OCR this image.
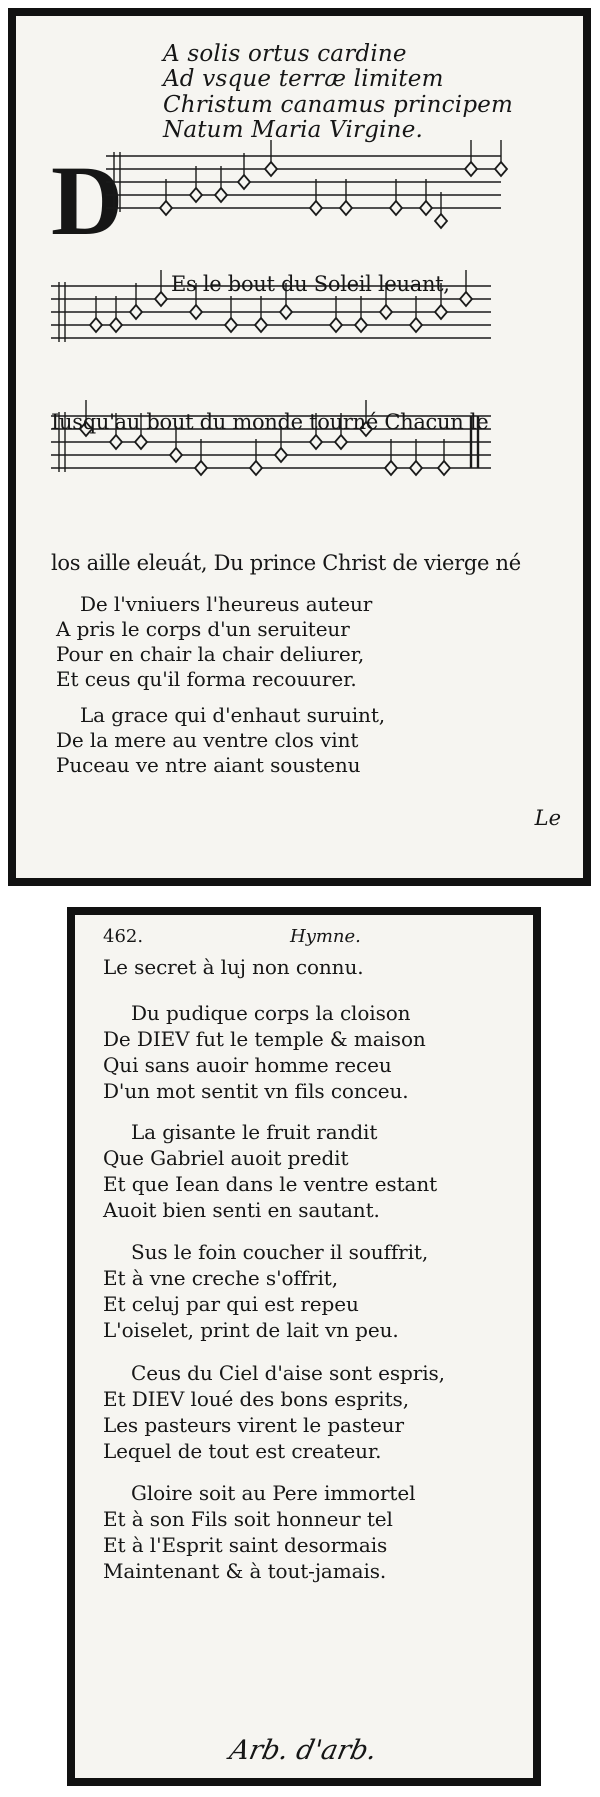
A solis ortus cardine
Ad vsque terræ limitem
Christum canamus principem
Natum Maria Virgine.
D
Es le bout du Soleil leuant,
Iusqu'au bout du monde tourné Chacun le
los aille eleuát, Du prince Christ de vierge né
De l'vniuers l'heureus auteur
A pris le corps d'un seruiteur
Pour en chair la chair deliurer,
Et ceus qu'il forma recouurer.
La grace qui d'enhaut suruint,
De la mere au ventre clos vint
Puceau ve ntre aiant soustenu
Le
462.	Hymne.
Le secret à luj non connu.
Du pudique corps la cloison
De DIEV fut le temple & maison
Qui sans auoir homme receu
D'un mot sentit vn fils conceu.
La gisante le fruit randit
Que Gabriel auoit predit
Et que Iean dans le ventre estant
Auoit bien senti en sautant.
Sus le foin coucher il souffrit,
Et à vne creche s'offrit,
Et celuj par qui est repeu
L'oiselet, print de lait vn peu.
Ceus du Ciel d'aise sont espris,
Et DIEV loué des bons esprits,
Les pasteurs virent le pasteur
Lequel de tout est createur.
Gloire soit au Pere immortel
Et à son Fils soit honneur tel
Et à l'Esprit saint desormais
Maintenant & à tout-jamais.
Arb. d'arb.
